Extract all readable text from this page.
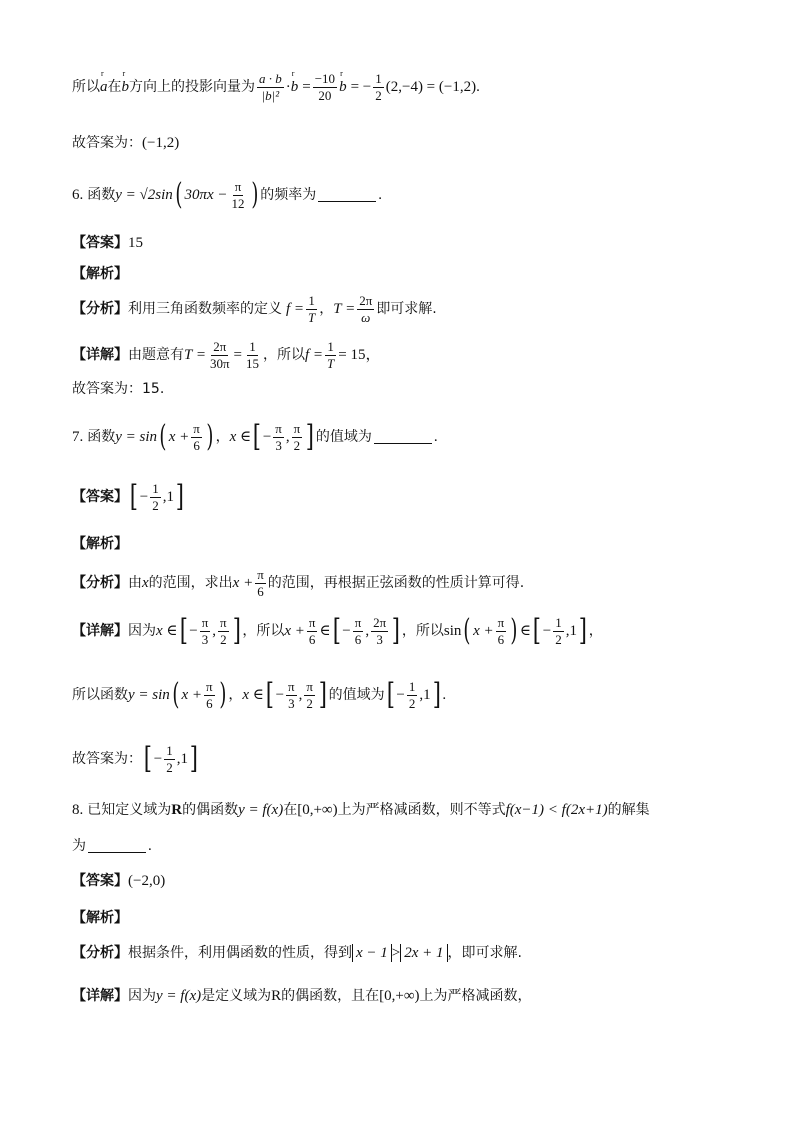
所以 r a 在 r b 方向上的投影向量为 $\frac{a \cdot b}{\text{|b|²}} \cdot r$ $b = \frac{-10}{20}$ r b = − $\frac{1}{2} (2,-4) = (-1,2)$.
故答案为： (−1,2)
6. 函数 y = √2sin ( $30\pi x - \frac{\pi}{12}$ ) 的频率为	.
【答案】 15
【解析】
【分析】 利用三角函数频率的定义 $f = \frac{1}{T}$ ， $T = \frac{2\pi}{\omega}$ 即可求解.
【详解】 由题意有 $T = \frac{2\pi}{30\pi} = \frac{1}{15}$ ，所以 $f = \frac{1}{T} = 15$，
故答案为：15.
7. 函数 y = sin ( $x + \frac{\pi}{6}$ ) ， x ∈ [ − $\frac{\pi}{3}$ , $\frac{\pi}{2}$ ] 的值域为	.
【答案】 [ − $\frac{1}{2} ,1$ ]
【解析】
【分析】 由 x 的范围，求出 $x + \frac{\pi}{6}$ 的范围，再根据正弦函数的性质计算可得.
【详解】 因为 x ∈ [ − $\frac{\pi}{3}$ , $\frac{\pi}{2}$ ] ，所以 $x + \frac{\pi}{6}$ ∈ [ − $\frac{\pi}{6}$ , $\frac{2\pi}{3}$ ] ，所以 sin ( $x + \frac{\pi}{6}$ ) ∈ [ − $\frac{1}{2} ,1$ ] ，
所以函数 y = sin ( $x + \frac{\pi}{6}$ ) ， x ∈ [ − $\frac{\pi}{3}$ , $\frac{\pi}{2}$ ] 的值域为 [ − $\frac{1}{2} ,1$ ] .
故答案为： [ − $\frac{1}{2} ,1$ ]
8. 已知定义域为 R 的偶函数 y = f(x) 在 [0,+∞) 上为严格减函数，则不等式 f(x−1) < f(2x+1) 的解集
为	.
【答案】 (−2,0)
【解析】
【分析】 根据条件，利用偶函数的性质，得到 x − 1 > 2x + 1 ，即可求解.
【详解】 因为 y = f(x) 是定义域为 R 的偶函数，且在 [0,+∞) 上为严格减函数，
